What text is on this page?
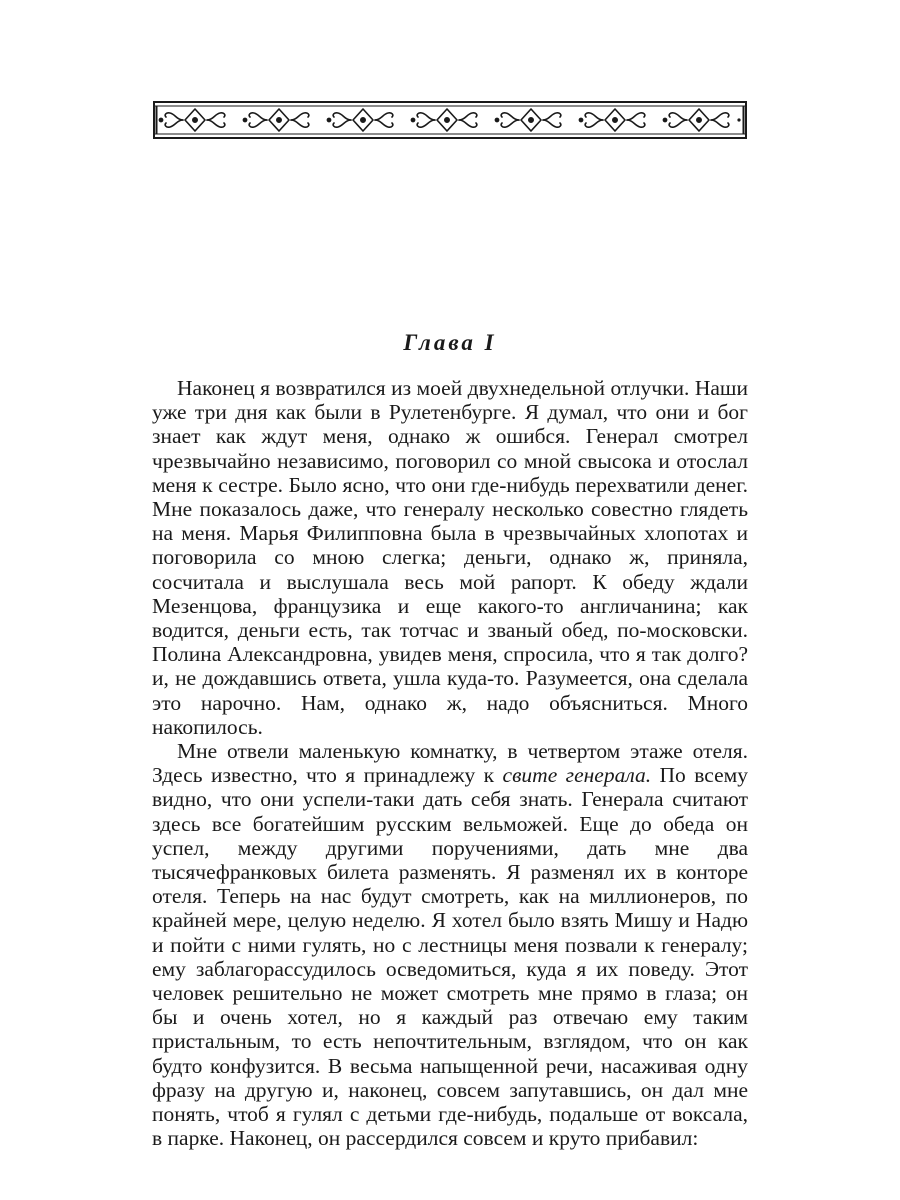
Глава I

Наконец я возвратился из моей двухнедельной отлучки. Наши уже три дня как были в Рулетенбурге. Я думал, что они и бог знает как ждут меня, однако ж ошибся. Генерал смотрел чрезвычайно независимо, поговорил со мной свысока и отослал меня к сестре. Было ясно, что они где-нибудь перехватили денег. Мне показалось даже, что генералу несколько совестно глядеть на меня. Марья Филипповна была в чрезвычайных хлопотах и поговорила со мною слегка; деньги, однако ж, приняла, сосчитала и выслушала весь мой рапорт. К обеду ждали Мезенцова, французика и еще какого-то англичанина; как водится, деньги есть, так тотчас и званый обед, по-московски. Полина Александровна, увидев меня, спросила, что я так долго? и, не дождавшись ответа, ушла куда-то. Разумеется, она сделала это нарочно. Нам, однако ж, надо объясниться. Много накопилось.

Мне отвели маленькую комнатку, в четвертом этаже отеля. Здесь известно, что я принадлежу к свите генерала. По всему видно, что они успели-таки дать себя знать. Генерала считают здесь все богатейшим русским вельможей. Еще до обеда он успел, между другими поручениями, дать мне два тысячефранковых билета разменять. Я разменял их в конторе отеля. Теперь на нас будут смотреть, как на миллионеров, по крайней мере, целую неделю. Я хотел было взять Мишу и Надю и пойти с ними гулять, но с лестницы меня позвали к генералу; ему заблагорассудилось осведомиться, куда я их поведу. Этот человек решительно не может смотреть мне прямо в глаза; он бы и очень хотел, но я каждый раз отвечаю ему таким пристальным, то есть непочтительным, взглядом, что он как будто конфузится. В весьма напыщенной речи, насаживая одну фразу на другую и, наконец, совсем запутавшись, он дал мне понять, чтоб я гулял с детьми где-нибудь, подальше от воксала, в парке. Наконец, он рассердился совсем и круто прибавил:
